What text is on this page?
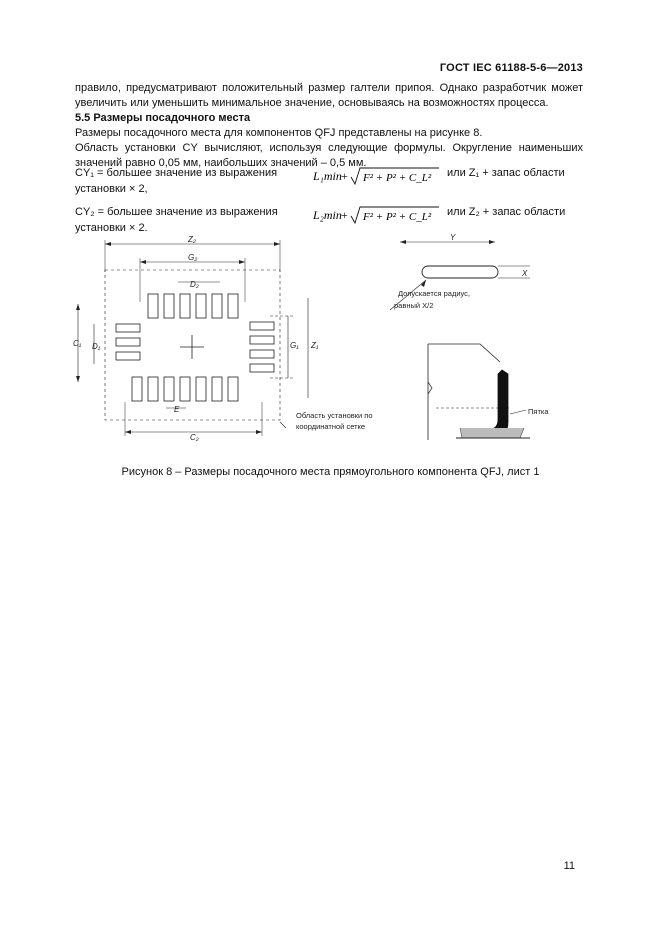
ГОСТ IEC 61188-5-6—2013

правило, предусматривают положительный размер галтели припоя. Однако разработчик может увеличить или уменьшить минимальное значение, основываясь на возможностях процесса.

5.5 Размеры посадочного места

Размеры посадочного места для компонентов QFJ представлены на рисунке 8.

Область установки CY вычисляют, используя следующие формулы. Округление наименьших значений равно 0,05 мм, наибольших значений – 0,5 мм.

CY₁ = большее значение из выражения	L₁min + F² + P² + C_L² или Z₁ + запас области
установки × 2,
CY₂ = большее значение из выражения	L₂min + F² + P² + C_L² или Z₂ + запас области
установки × 2.
Z₂
G₂
D₂
C₁ D₁	G₁ Z₁
E
C₂
Область установки по
координатной сетке
Y
X
Допускается радиус,
равный X/2
Пятка
Рисунок 8 – Размеры посадочного места прямоугольного компонента QFJ, лист 1
11
